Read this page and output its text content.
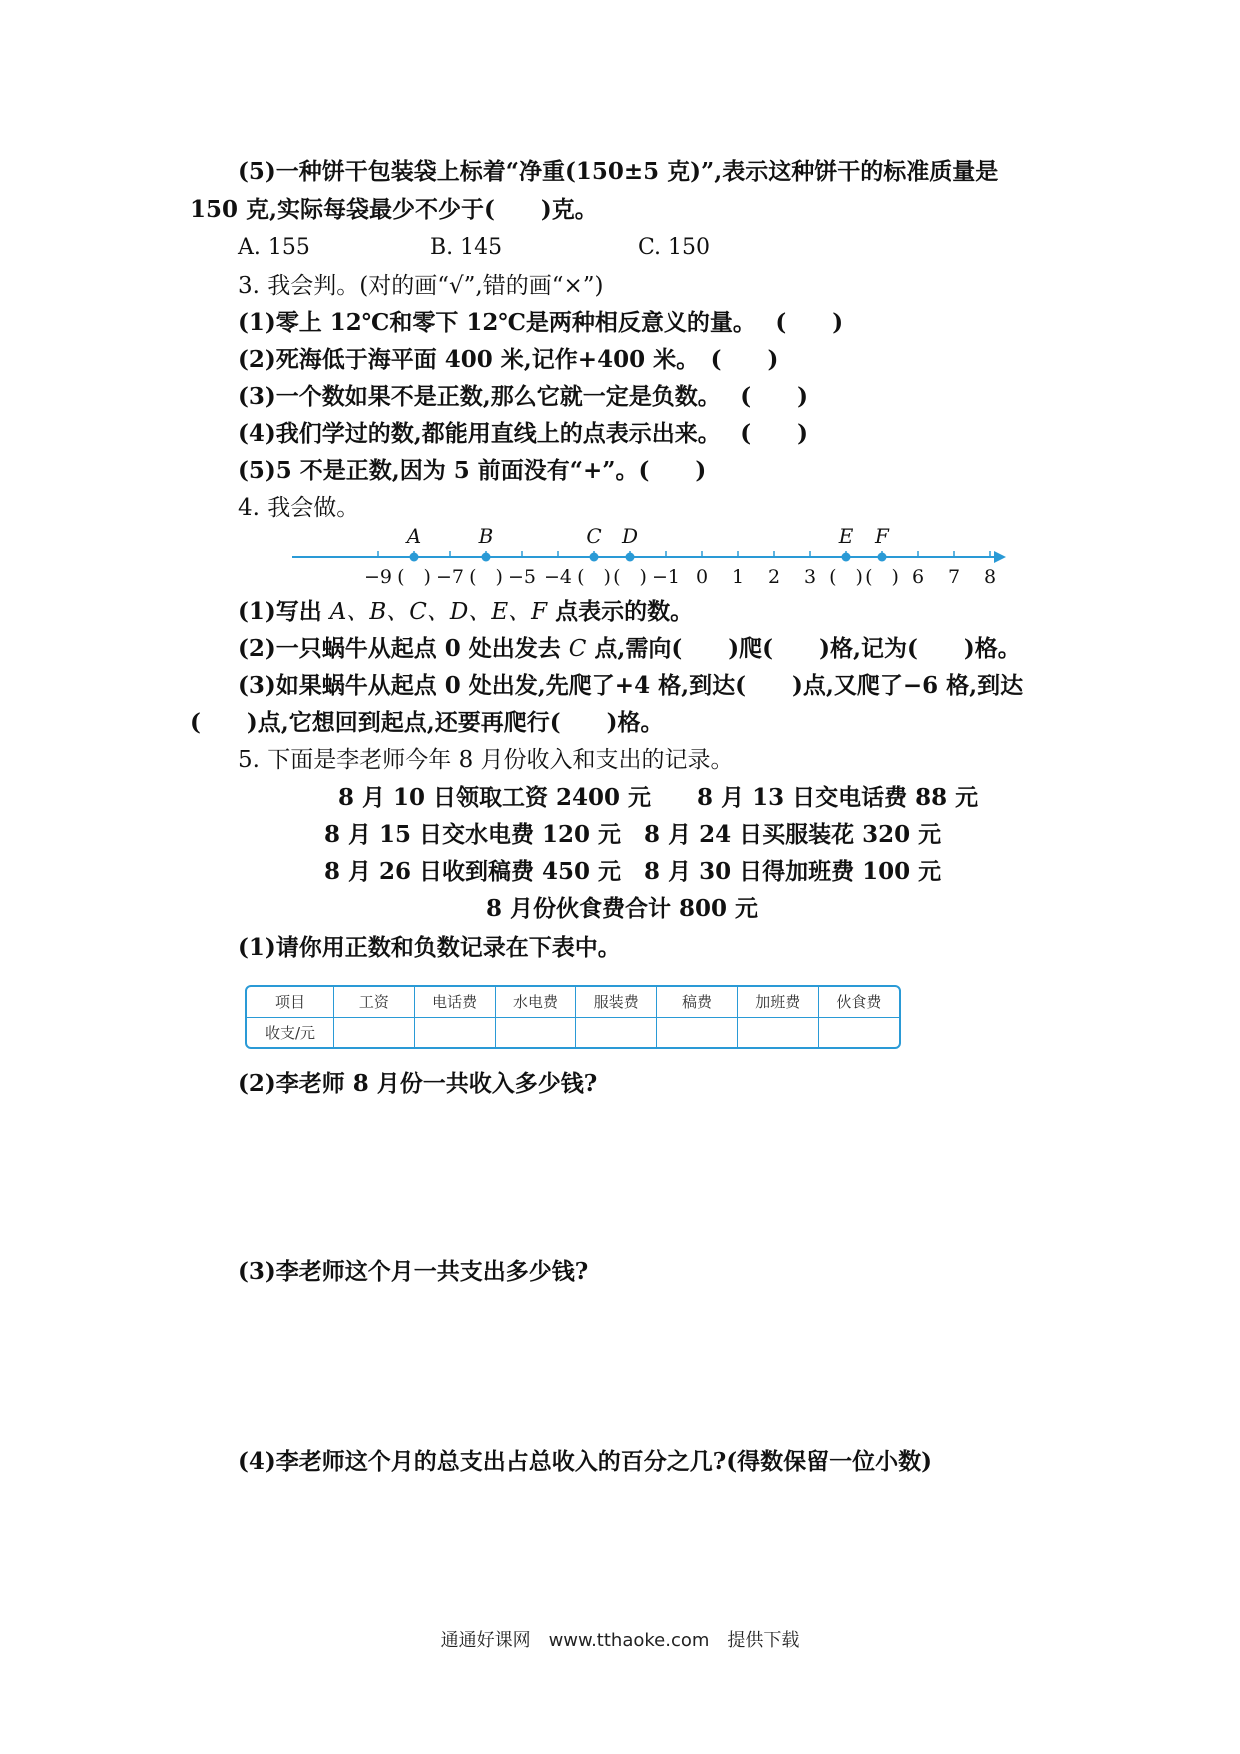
(5)一种饼干包装袋上标着“净重(150±5 克)”,表示这种饼干的标准质量是
150 克,实际每袋最少不少于(　　)克。
A. 155	B. 145	C. 150
3. 我会判。(对的画“√”,错的画“×”)
(1)零上 12℃和零下 12℃是两种相反意义的量。　 (　　)
(2)死海低于海平面 400 米,记作+400 米。　(　　)
(3)一个数如果不是正数,那么它就一定是负数。　 (　　)
(4)我们学过的数,都能用直线上的点表示出来。　 (　　)
(5)5 不是正数,因为 5 前面没有“+”。(　　)
4. 我会做。
A	B	C D	E F
−9 (　) −7 (　) −5 −4 (　) (　) −1 0 1 2 3 (　) (　) 6 7 8
(1)写出 A、B、C、D、E、F 点表示的数。
(2)一只蜗牛从起点 0 处出发去 C 点,需向(　　)爬(　　)格,记为(　　)格。
(3)如果蜗牛从起点 0 处出发,先爬了+4 格,到达(　　)点,又爬了−6 格,到达
(　　)点,它想回到起点,还要再爬行(　　)格。
5. 下面是李老师今年 8 月份收入和支出的记录。
8 月 10 日领取工资 2400 元　　8 月 13 日交电话费 88 元
8 月 15 日交水电费 120 元　8 月 24 日买服装花 320 元
8 月 26 日收到稿费 450 元　8 月 30 日得加班费 100 元
8 月份伙食费合计 800 元
(1)请你用正数和负数记录在下表中。
项目	工资	电话费	水电费	服装费	稿费	加班费	伙食费
收支/元							
(2)李老师 8 月份一共收入多少钱?
(3)李老师这个月一共支出多少钱?
(4)李老师这个月的总支出占总收入的百分之几?(得数保留一位小数)
通通好课网　www.tthaoke.com　提供下载
